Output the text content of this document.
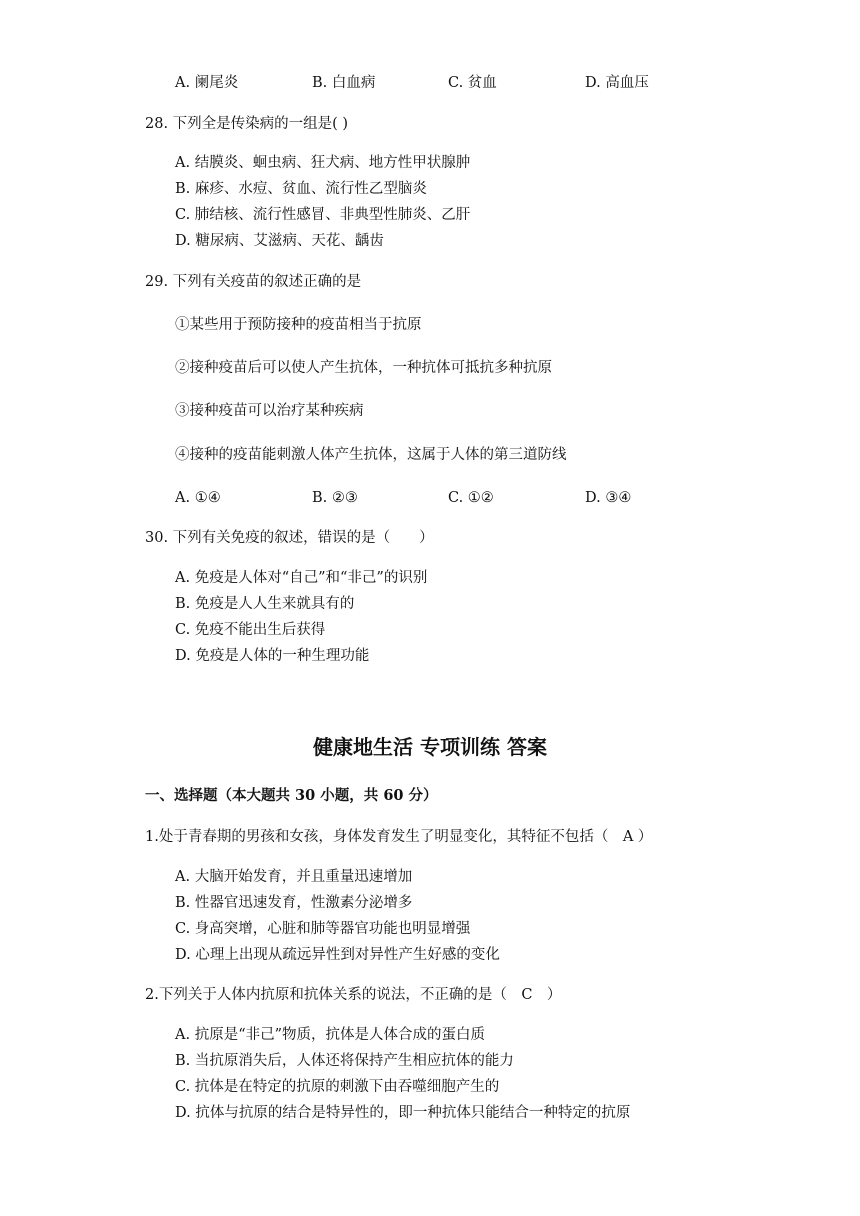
A. 阑尾炎	B. 白血病	C. 贫血	D. 高血压
28. 下列全是传染病的一组是( )
A. 结膜炎、蛔虫病、狂犬病、地方性甲状腺肿
B. 麻疹、水痘、贫血、流行性乙型脑炎
C. 肺结核、流行性感冒、非典型性肺炎、乙肝
D. 糖尿病、艾滋病、天花、龋齿
29. 下列有关疫苗的叙述正确的是
①某些用于预防接种的疫苗相当于抗原
②接种疫苗后可以使人产生抗体，一种抗体可抵抗多种抗原
③接种疫苗可以治疗某种疾病
④接种的疫苗能刺激人体产生抗体，这属于人体的第三道防线
A. ①④	B. ②③	C. ①②	D. ③④
30. 下列有关免疫的叙述，错误的是（　　）
A. 免疫是人体对“自己”和“非己”的识别
B. 免疫是人人生来就具有的
C. 免疫不能出生后获得
D. 免疫是人体的一种生理功能
健康地生活 专项训练 答案
一、选择题（本大题共 30 小题，共 60 分）
1.处于青春期的男孩和女孩，身体发育发生了明显变化，其特征不包括（　A ）
A. 大脑开始发育，并且重量迅速增加
B. 性器官迅速发育，性激素分泌增多
C. 身高突增，心脏和肺等器官功能也明显增强
D. 心理上出现从疏远异性到对异性产生好感的变化
2.下列关于人体内抗原和抗体关系的说法，不正确的是（　C　）
A. 抗原是“非己”物质，抗体是人体合成的蛋白质
B. 当抗原消失后，人体还将保持产生相应抗体的能力
C. 抗体是在特定的抗原的刺激下由吞噬细胞产生的
D. 抗体与抗原的结合是特异性的，即一种抗体只能结合一种特定的抗原
